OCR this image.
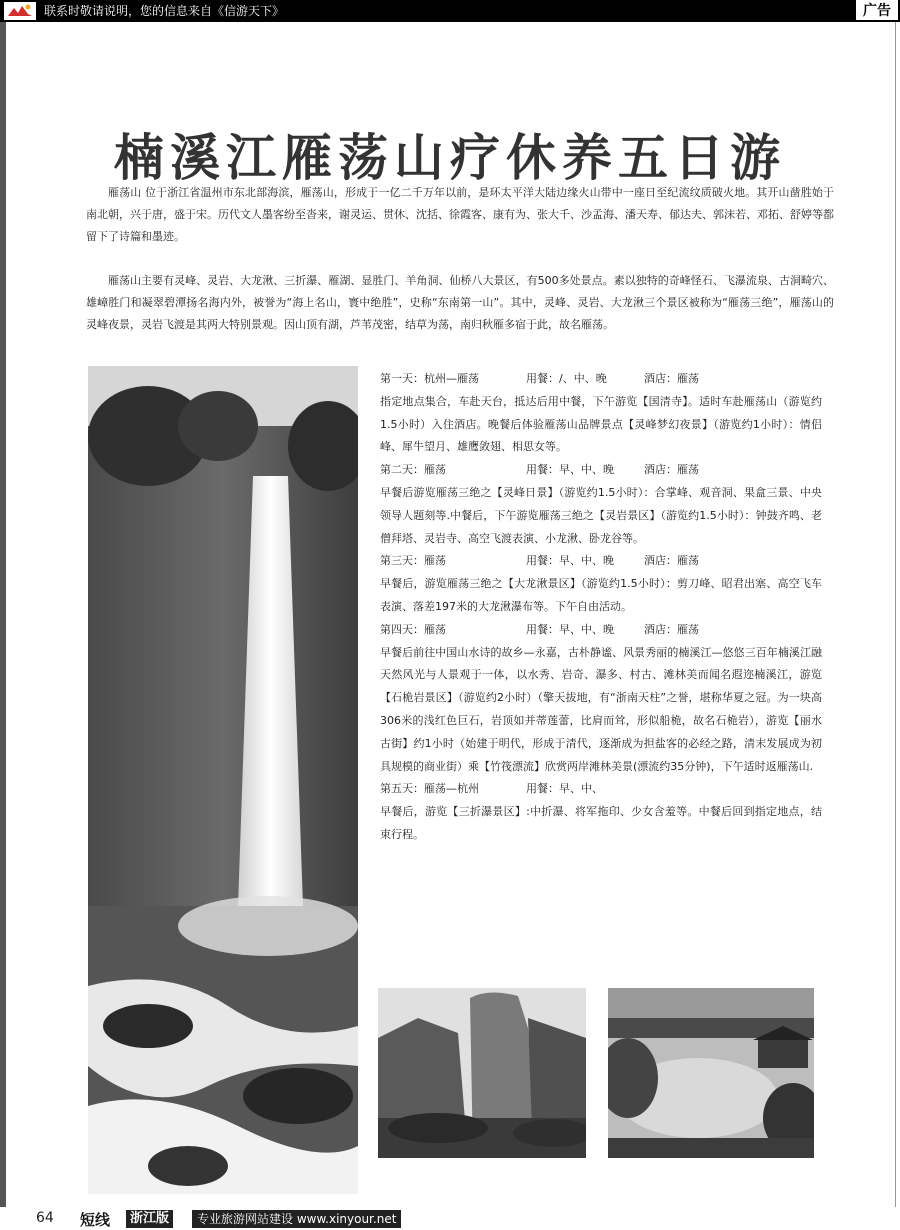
联系时敬请说明，您的信息来自《信游天下》	广告
楠溪江雁荡山疗休养五日游

雁荡山 位于浙江省温州市东北部海滨，雁荡山，形成于一亿二千万年以前，是环太平洋大陆边缘火山带中一座日至纪流纹质破火地。其开山凿胜始于南北朝，兴于唐，盛于宋。历代文人墨客纷至沓来，谢灵运、贯休、沈括、徐霞客、康有为、张大千、沙孟海、潘天寿、郁达夫、郭沫若、邓拓、舒婷等都留下了诗篇和墨迹。

雁荡山主要有灵峰、灵岩、大龙湫、三折瀑、雁湖、显胜门、羊角洞、仙桥八大景区，有500多处景点。素以独特的奇峰怪石、飞瀑流泉、古洞畸穴、雄嶂胜门和凝翠碧潭扬名海内外，被誉为“海上名山，寰中绝胜”，史称“东南第一山”。其中，灵峰、灵岩、大龙湫三个景区被称为“雁荡三绝”，雁荡山的灵峰夜景，灵岩飞渡是其两大特别景观。因山顶有湖，芦苇茂密，结草为荡，南归秋雁多宿于此，故名雁荡。

第一天：杭州—雁荡	用餐：/、中、晚	酒店：雁荡
指定地点集合，车赴天台，抵达后用中餐，下午游览【国清寺】。适时车赴雁荡山（游览约1.5小时）入住酒店。晚餐后体验雁荡山品牌景点【灵峰梦幻夜景】（游览约1小时）：情侣峰、犀牛望月、雄鹰敛翅、相思女等。
第二天：雁荡	用餐：早、中、晚	酒店：雁荡
早餐后游览雁荡三绝之【灵峰日景】（游览约1.5小时）：合掌峰、观音洞、果盒三景、中央领导人题刻等.中餐后，下午游览雁荡三绝之【灵岩景区】（游览约1.5小时）：钟鼓齐鸣、老僧拜塔、灵岩寺、高空飞渡表演、小龙湫、卧龙谷等。
第三天：雁荡	用餐：早、中、晚	酒店：雁荡
早餐后，游览雁荡三绝之【大龙湫景区】（游览约1.5小时）：剪刀峰、昭君出塞、高空飞车表演、落差197米的大龙湫瀑布等。下午自由活动。
第四天：雁荡	用餐：早、中、晚	酒店：雁荡
早餐后前往中国山水诗的故乡—永嘉，古朴静谧、风景秀丽的楠溪江—悠悠三百年楠溪江融天然风光与人景观于一体，以水秀、岩奇、瀑多、村古、滩林美而闻名遐迩楠溪江，游览【石桅岩景区】（游览约2小时）（擎天拔地，有“浙南天柱”之誉，堪称华夏之冠。为一块高306米的浅红色巨石，岩顶如并蒂莲蕾，比肩而耸，形似船桅，故名石桅岩），游览【丽水古街】约1小时（始建于明代，形成于清代，逐渐成为担盐客的必经之路，清末发展成为初具规模的商业街）乘【竹筏漂流】欣赏两岸滩林美景(漂流约35分钟)，下午适时返雁荡山.
第五天：雁荡—杭州	用餐：早、中、
早餐后，游览【三折瀑景区】:中折瀑、将军拖印、少女含羞等。中餐后回到指定地点，结束行程。
64 短线	浙江版	专业旅游网站建设 www.xinyour.net
